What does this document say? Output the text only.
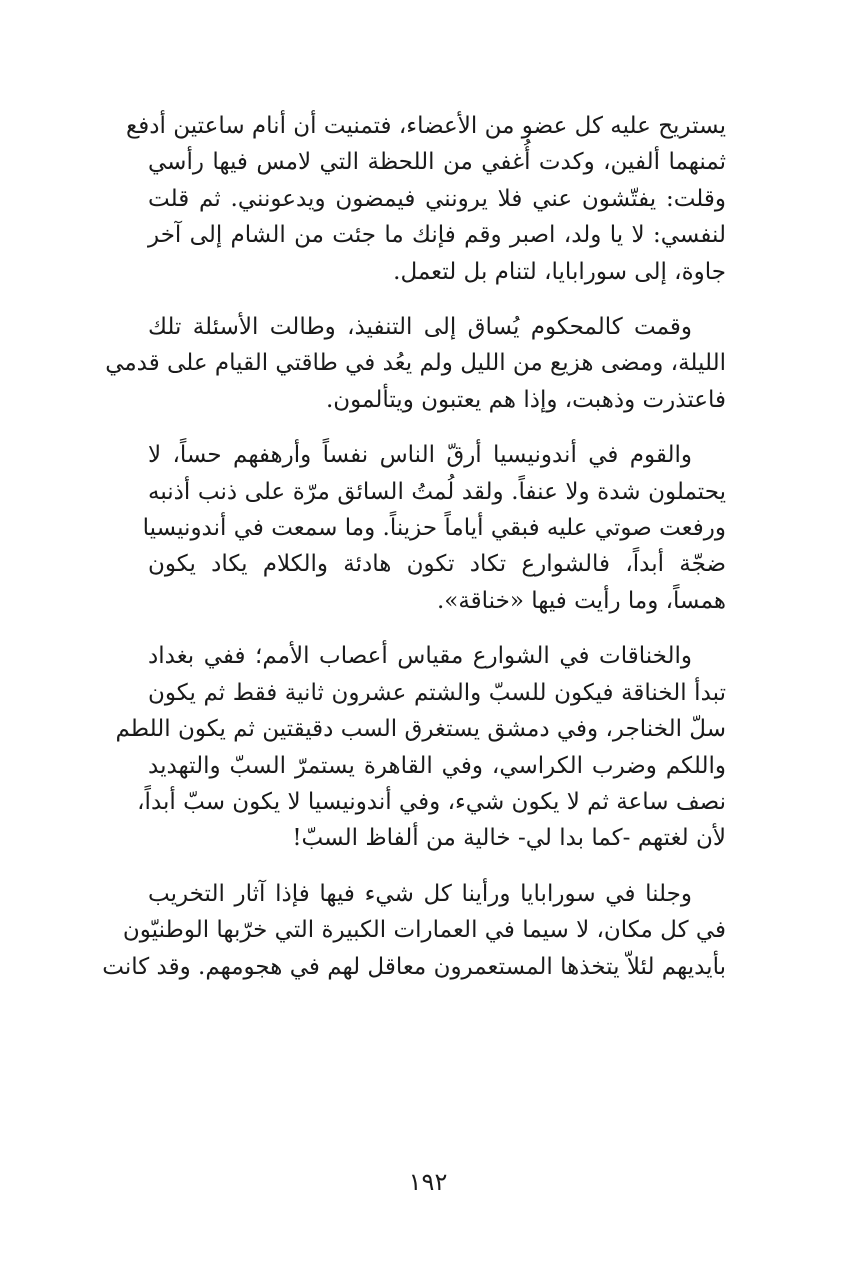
يستريح عليه كل عضو من الأعضاء، فتمنيت أن أنام ساعتين أدفع
ثمنهما ألفين، وكدت أُغفي من اللحظة التي لامس فيها رأسي
وقلت: يفتّشون عني فلا يرونني فيمضون ويدعونني. ثم قلت
لنفسي: لا يا ولد، اصبر وقم فإنك ما جئت من الشام إلى آخر
جاوة، إلى سورابايا، لتنام بل لتعمل.
وقمت كالمحكوم يُساق إلى التنفيذ، وطالت الأسئلة تلك
الليلة، ومضى هزيع من الليل ولم يعُد في طاقتي القيام على قدمي
فاعتذرت وذهبت، وإذا هم يعتبون ويتألمون.
والقوم في أندونيسيا أرقّ الناس نفساً وأرهفهم حساً، لا
يحتملون شدة ولا عنفاً. ولقد لُمتُ السائق مرّة على ذنب أذنبه
ورفعت صوتي عليه فبقي أياماً حزيناً. وما سمعت في أندونيسيا
ضجّة أبداً، فالشوارع تكاد تكون هادئة والكلام يكاد يكون
همساً، وما رأيت فيها «خناقة».
والخناقات في الشوارع مقياس أعصاب الأمم؛ ففي بغداد
تبدأ الخناقة فيكون للسبّ والشتم عشرون ثانية فقط ثم يكون
سلّ الخناجر، وفي دمشق يستغرق السب دقيقتين ثم يكون اللطم
واللكم وضرب الكراسي، وفي القاهرة يستمرّ السبّ والتهديد
نصف ساعة ثم لا يكون شيء، وفي أندونيسيا لا يكون سبّ أبداً،
لأن لغتهم -كما بدا لي- خالية من ألفاظ السبّ!
وجلنا في سورابايا ورأينا كل شيء فيها فإذا آثار التخريب
في كل مكان، لا سيما في العمارات الكبيرة التي خرّبها الوطنيّون
بأيديهم لئلاّ يتخذها المستعمرون معاقل لهم في هجومهم. وقد كانت
١٩٢
